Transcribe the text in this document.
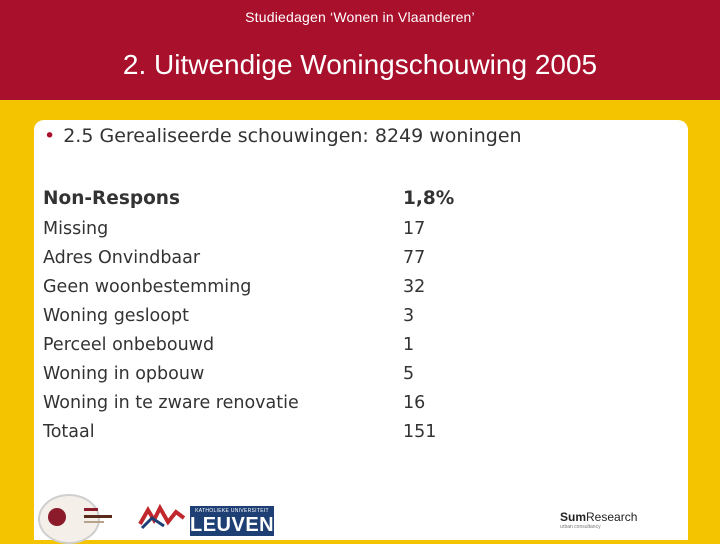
Studiedagen ‘Wonen in Vlaanderen’
2. Uitwendige Woningschouwing 2005
• 2.5 Gerealiseerde schouwingen: 8249 woningen
Non-Respons	1,8%
Missing	17
Adres Onvindbaar	77
Geen woonbestemming	32
Woning gesloopt	3
Perceel onbebouwd	1
Woning in opbouw	5
Woning in te zware renovatie	16
Totaal	151
KATHOLIEKE UNIVERSITEIT
LEUVEN	SumResearch
urban consultancy
